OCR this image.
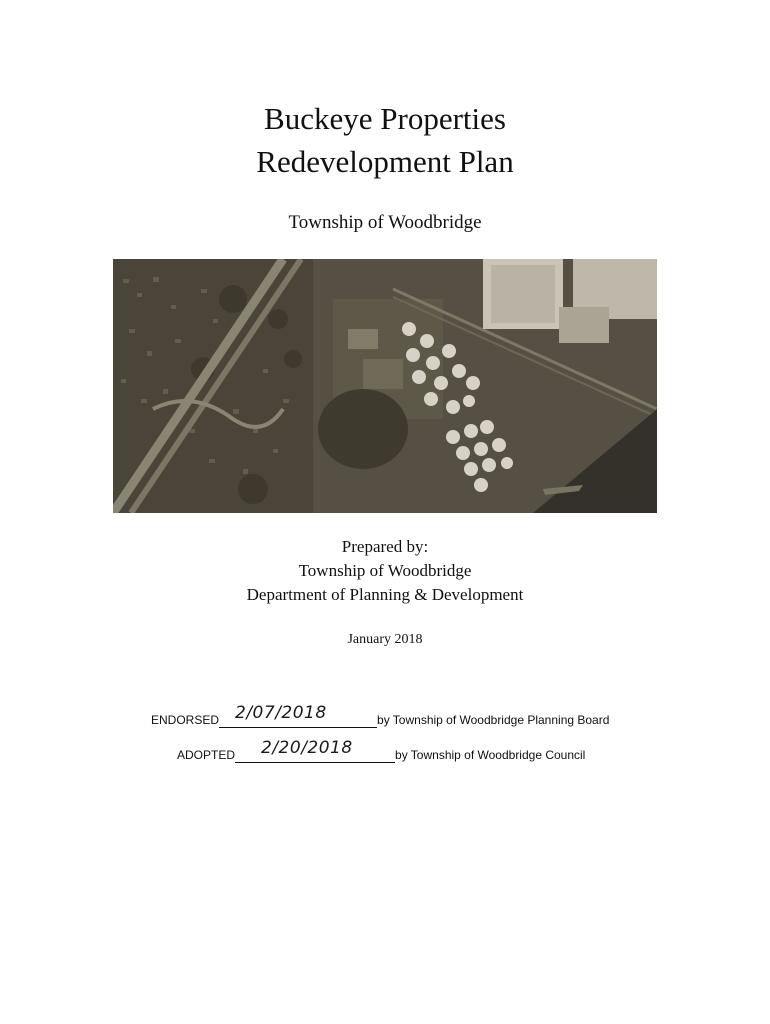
Buckeye Properties
Redevelopment Plan
Township of Woodbridge
Prepared by:
Township of Woodbridge
Department of Planning & Development
January 2018
ENDORSED 2/07/2018	by Township of Woodbridge Planning Board
ADOPTED 2/20/2018	by Township of Woodbridge Council
